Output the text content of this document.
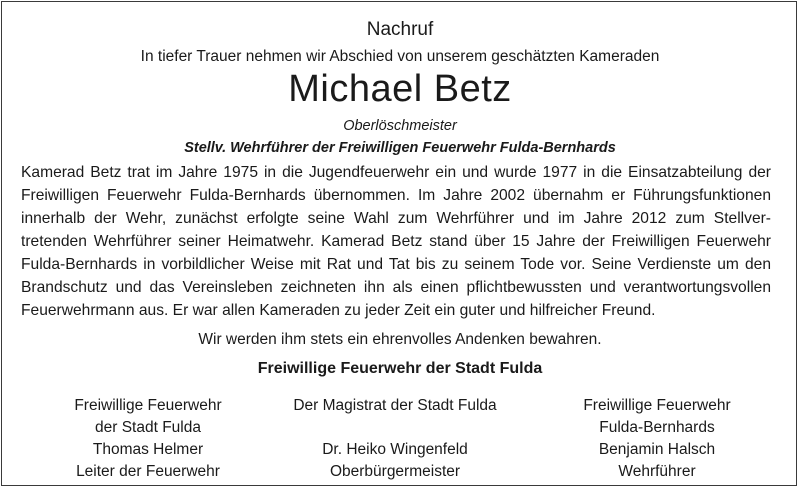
Nachruf
In tiefer Trauer nehmen wir Abschied von unserem geschätzten Kameraden
Michael Betz
Oberlöschmeister
Stellv. Wehrführer der Freiwilligen Feuerwehr Fulda-Bernhards
Kamerad Betz trat im Jahre 1975 in die Jugendfeuerwehr ein und wurde 1977 in die Einsatzabteilung der
Freiwilligen Feuerwehr Fulda-Bernhards übernommen. Im Jahre 2002 übernahm er Führungsfunktionen
innerhalb der Wehr, zunächst erfolgte seine Wahl zum Wehrführer und im Jahre 2012 zum Stellver-
tretenden Wehrführer seiner Heimatwehr. Kamerad Betz stand über 15 Jahre der Freiwilligen Feuerwehr
Fulda-Bernhards in vorbildlicher Weise mit Rat und Tat bis zu seinem Tode vor. Seine Verdienste um den
Brandschutz und das Vereinsleben zeichneten ihn als einen pflichtbewussten und verantwortungsvollen
Feuerwehrmann aus. Er war allen Kameraden zu jeder Zeit ein guter und hilfreicher Freund.
Wir werden ihm stets ein ehrenvolles Andenken bewahren.
Freiwillige Feuerwehr der Stadt Fulda
Freiwillige Feuerwehr
der Stadt Fulda
Thomas Helmer
Leiter der Feuerwehr
Der Magistrat der Stadt Fulda
Dr. Heiko Wingenfeld
Oberbürgermeister
Freiwillige Feuerwehr
Fulda-Bernhards
Benjamin Halsch
Wehrführer
